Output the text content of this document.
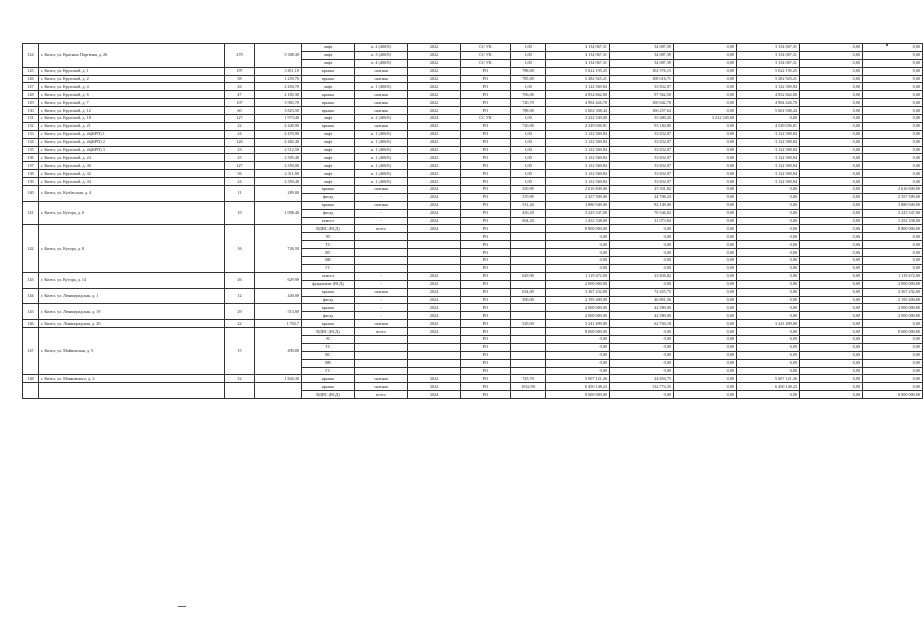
124	г. Кизел, ул. Красных Партизан, д. 26	270	5 308,30	лифт	п. 2 (400/8)	2022	СС УК	1,00	3 134 067,31	34 087,39	0,00	3 134 067,31	0,00	0,00
				лифт	п. 3 (400/8)	2022	СС УК	1,00	3 134 067,31	34 087,39	0,00	3 134 067,31	0,00	0,00
				лифт	п. 4 (400/8)	2022	СС УК	1,00	3 134 067,31	34 087,39	0,00	3 134 067,31	0,00	0,00
125	г. Кизел, ул. Крупской, д. 1	197	3 811,10	крыша	скатная	2022	РО	788,00	5 022 195,25	102 576,15	0,00	5 022 195,25	0,00	0,00
126	г. Кизел, ул. Крупской, д. 2	58	1 259,70	крыша	скатная	2022	РО	785,00	5 282 925,21	108 016,71	0,00	5 282 925,21	0,00	0,00
127	г. Кизел, ул. Крупской, д. 4	26	2 294,70	лифт	п. 1 (400/8)	2022	РО	1,00	3 122 569,84	33 832,07	0,00	3 122 569,84	0,00	0,00
128	г. Кизел, ул. Крупской, д. 6	47	2 183,30	крыша	скатная	2022	РО	706,00	4 832 662,00	97 562,50	0,00	4 832 662,00	0,00	0,00
129	г. Кизел, ул. Крупской, д. 7	107	3 983,70	крыша	скатная	2022	РО	720,70	4 904 426,70	100 042,70	0,00	4 904 426,70	0,00	0,00
130	г. Кизел, ул. Крупской, д. 12	60	3 823,50	крыша	скатная	2022	РО	788,00	5 602 508,44	106 257,64	0,00	5 602 508,44	0,00	0,00
131	г. Кизел, ул. Крупской, д. 18	127	1 973,40	лифт	п. 2 (400/8)	2024	СС УК	1,00	3 222 549,00	35 480,20	3 222 549,00	0,00	0,00	0,00
132	г. Кизел, ул. Крупской, д. 21	22	2 440,90	крыша	скатная	2022	РО	720,00	4 549 036,81	93 184,80	0,00	4 549 036,81	0,00	0,00
133	г. Кизел, ул. Крупской, д. 2в(КРП) 1	24	2 470,90	лифт	п. 1 (400/8)	2022	РО	1,00	3 122 569,84	33 832,07	0,00	3 122 569,84	0,00	0,00
134	г. Кизел, ул. Крупской, д. 2в(КРП) 2	126	2 482,40	лифт	п. 1 (400/8)	2022	РО	1,00	3 122 569,84	33 832,07	0,00	3 122 569,84	0,00	0,00
135	г. Кизел, ул. Крупской, д. 2в(КРП) 3	23	2 512,50	лифт	п. 1 (400/8)	2022	РО	1,00	3 122 569,84	33 832,07	0,00	3 122 569,84	0,00	0,00
136	г. Кизел, ул. Крупской, д. 24	25	2 505,40	лифт	п. 1 (400/8)	2022	РО	1,00	3 122 569,84	33 832,07	0,00	3 122 569,84	0,00	0,00
137	г. Кизел, ул. Крупской, д. 40	127	2 350,00	лифт	п. 1 (400/8)	2022	РО	1,00	3 122 569,84	33 832,07	0,00	3 122 569,84	0,00	0,00
138	г. Кизел, ул. Крупской, д. 42	56	2 311,90	лифт	п. 1 (400/8)	2022	РО	1,00	3 122 569,84	33 832,07	0,00	3 122 569,84	0,00	0,00
139	г. Кизел, ул. Крупской, д. 44	24	2 350,40	лифт	п. 1 (400/8)	2022	РО	1,00	3 122 569,84	33 832,07	0,00	3 122 569,84	0,00	0,00
140	г. Кизел, ул. Кузбасская, д. 4	11	289,00	крыша	скатная	2024	РО	350,90	2 616 849,00	25 501,82	0,00	0,00	0,00	2 616 849,00
				фасад	-	2024	РО	370,90	2 357 509,00	24 706,23	0,00	0,00	0,00	2 357 509,00
141	г. Кизел, ул. Кутора, д. 6	19	1 098,40	крыша	скатная	2024	РО	531,20	3 880 949,00	82 149,00	0,00	0,00	0,00	3 880 949,00
				фасад	-	2024	РО	450,20	3 225 547,00	70 546,02	0,00	0,00	0,00	3 225 547,00
				отмост	-	2024	РО	604,20	1 452 338,00	31 073,84	0,00	0,00	0,00	1 452 338,00
142	г. Кизел, ул. Кутора, д. 8	16	726,50	ВДИС (ВСД)	всего	2024	РО		8 800 000,00	0,00	0,00	0,00	0,00	8 800 000,00
				ЭС			РО		0,00	0,00	0,00	0,00	0,00	0,00
				ТС			РО		0,00	0,00	0,00	0,00	0,00	0,00
				ВС			РО		0,00	0,00	0,00	0,00	0,00	0,00
				ВВ			РО		0,00	0,00	0,00	0,00	0,00	0,00
				ГС			РО		0,00	0,00	0,00	0,00	0,00	0,00
143	г. Кизел, ул. Кутора, д. 14	26	629,90	отмост	-	2022	РО	629,90	1 119 472,00	23 836,82	0,00	0,00	0,00	1 119 472,00
				фундамент (ВСД)	-	2022	РО		2 000 000,00	0,00	0,00	0,00	0,00	2 000 000,00
144	г. Кизел, ул. Ленинградская, д. 1	12	440,00	крыша	скатная	2024	РО	654,00	3 367 232,00	72 455,75	0,00	0,00	0,00	3 367 232,00
				фасад	-	2024	РО	500,00	2 195 400,00	46 801,56	0,00	0,00	0,00	2 195 400,00
145	г. Кизел, ул. Ленинградская, д. 19	29	513,00	крыша	-	2024	РО		2 000 000,00	42 580,00	0,00	0,00	0,00	2 000 000,00
				фасад	-	2024	РО		2 000 000,00	42 580,00	0,00	0,00	0,00	2 000 000,00
146	г. Кизел, ул. Ленинградская, д. 20	22	1 702,7	крыша	скатная	2022	РО	529,00	3 241 499,00	62 704,18	0,00	3 241 499,00	0,00	0,00
147	г. Кизел, ул. Майкопская, д. 5	15	490,00	ВДИС (ВСД)	всего	2024	РО		8 000 000,00	0,00	0,00	0,00	0,00	8 000 000,00
				ЭС			РО		0,00	0,00	0,00	0,00	0,00	0,00
				ТС			РО		0,00	0,00	0,00	0,00	0,00	0,00
				ВС			РО		0,00	0,00	0,00	0,00	0,00	0,00
				ВВ			РО		0,00	0,00	0,00	0,00	0,00	0,00
				ГС			РО		0,00	0,00	0,00	0,00	0,00	0,00
148	г. Кизел, ул. Маяковского, д. 3	32	1 844,30	крыша	скатная	2022	РО	725,70	5 607 121,26	24 854,75	0,00	5 607 121,26	0,00	0,00
				крыша	скатная	2022	РО	1032,90	6 450 148,23	132 774,35	0,00	6 450 148,23	0,00	0,00
				ВДИС (ВСД)	всего	2024	РО		8 000 000,00	0,00	0,00	0,00	0,00	8 000 000,00
